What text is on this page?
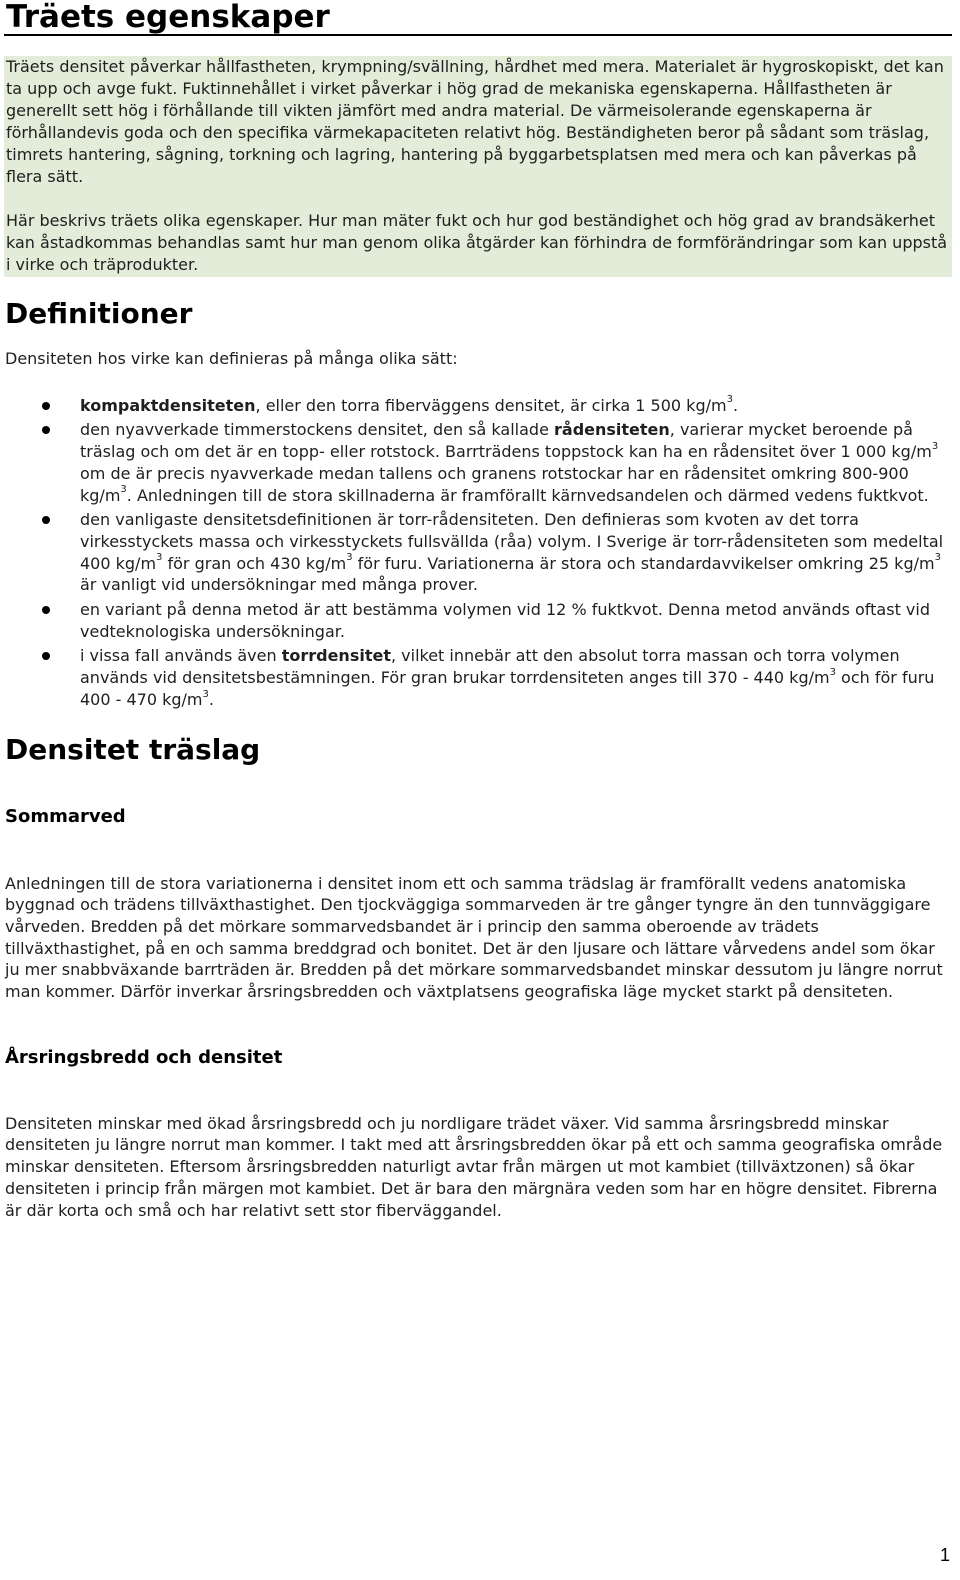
Träets egenskaper

Träets densitet påverkar hållfastheten, krympning/svällning, hårdhet med mera. Materialet är hygroskopiskt, det kan ta upp och avge fukt. Fuktinnehållet i virket påverkar i hög grad de mekaniska egenskaperna. Hållfastheten är generellt sett hög i förhållande till vikten jämfört med andra material. De värmeisolerande egenskaperna är förhållandevis goda och den specifika värmekapaciteten relativt hög. Beständigheten beror på sådant som träslag, timrets hantering, sågning, torkning och lagring, hantering på byggarbetsplatsen med mera och kan påverkas på flera sätt.

Här beskrivs träets olika egenskaper. Hur man mäter fukt och hur god beständighet och hög grad av brandsäkerhet kan åstadkommas behandlas samt hur man genom olika åtgärder kan förhindra de formförändringar som kan uppstå i virke och träprodukter.

Definitioner

Densiteten hos virke kan definieras på många olika sätt:

kompaktdensiteten, eller den torra fiberväggens densitet, är cirka 1 500 $kg/m^3$.
den nyavverkade timmerstockens densitet, den så kallade rådensiteten, varierar mycket beroende på träslag och om det är en topp- eller rotstock. Barrträdens toppstock kan ha en rådensitet över 1 000 $kg/m^3$ om de är precis nyavverkade medan tallens och granens rotstockar har en rådensitet omkring 800-900 $kg/m^3$. Anledningen till de stora skillnaderna är framförallt kärnvedsandelen och därmed vedens fuktkvot.
den vanligaste densitetsdefinitionen är torr-rådensiteten. Den definieras som kvoten av det torra virkesstyckets massa och virkesstyckets fullsvällda (råa) volym. I Sverige är torr-rådensiteten som medeltal 400 $kg/m^3$ för gran och 430 $kg/m^3$ för furu. Variationerna är stora och standardavvikelser omkring 25 $kg/m^3$ är vanligt vid undersökningar med många prover.
en variant på denna metod är att bestämma volymen vid 12 % fuktkvot. Denna metod används oftast vid vedteknologiska undersökningar.
i vissa fall används även torrdensitet, vilket innebär att den absolut torra massan och torra volymen används vid densitetsbestämningen. För gran brukar torrdensiteten anges till 370 - 440 $kg/m^3$ och för furu 400 - 470 $kg/m^3$.
Densitet träslag
Sommarved

Anledningen till de stora variationerna i densitet inom ett och samma trädslag är framförallt vedens anatomiska byggnad och trädens tillväxthastighet. Den tjockväggiga sommarveden är tre gånger tyngre än den tunnväggigare vårveden. Bredden på det mörkare sommarvedsbandet är i princip den samma oberoende av trädets tillväxthastighet, på en och samma breddgrad och bonitet. Det är den ljusare och lättare vårvedens andel som ökar ju mer snabbväxande barrträden är. Bredden på det mörkare sommarvedsbandet minskar dessutom ju längre norrut man kommer. Därför inverkar årsringsbredden och växtplatsens geografiska läge mycket starkt på densiteten.

Årsringsbredd och densitet

Densiteten minskar med ökad årsringsbredd och ju nordligare trädet växer. Vid samma årsringsbredd minskar densiteten ju längre norrut man kommer. I takt med att årsringsbredden ökar på ett och samma geografiska område minskar densiteten. Eftersom årsringsbredden naturligt avtar från märgen ut mot kambiet (tillväxtzonen) så ökar densiteten i princip från märgen mot kambiet. Det är bara den märgnära veden som har en högre densitet. Fibrerna är där korta och små och har relativt sett stor fiberväggandel.

1
